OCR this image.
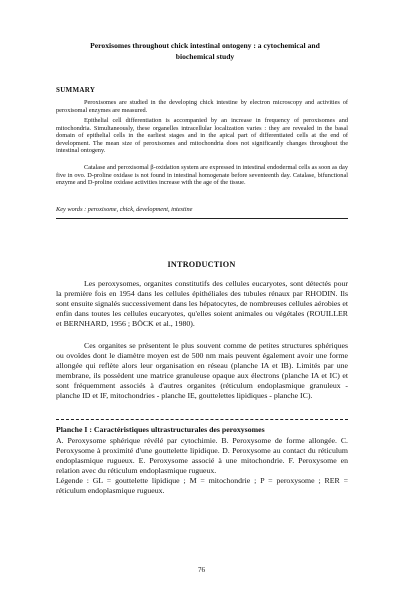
Peroxisomes throughout chick intestinal ontogeny : a cytochemical and
biochemical study
SUMMARY

Peroxisomes are studied in the developing chick intestine by electron microscopy and activities of peroxisomal enzymes are measured.

Epithelial cell differentiation is accompanied by an increase in frequency of peroxisomes and mitochondria. Simultaneously, these organelles intracellular localization varies : they are revealed in the basal domain of epithelial cells in the earliest stages and in the apical part of differentiated cells at the end of development. The mean size of peroxisomes and mitochondria does not significantly changes throughout the intestinal ontogeny.

Catalase and peroxisomal β-oxidation system are expressed in intestinal endodermal cells as soon as day five in ovo. D-proline oxidase is not found in intestinal homogenate before seventeenth day. Catalase, bifunctional enzyme and D-proline oxidase activities increase with the age of the tissue.

Key words : peroxisome, chick, development, intestine
INTRODUCTION

Les peroxysomes, organites constitutifs des cellules eucaryotes, sont détectés pour la première fois en 1954 dans les cellules épithéliales des tubules rénaux par RHODIN. Ils sont ensuite signalés successivement dans les hépatocytes, de nombreuses cellules aérobies et enfin dans toutes les cellules eucaryotes, qu'elles soient animales ou végétales (ROUILLER et BERNHARD, 1956 ; BÖCK et al., 1980).

Ces organites se présentent le plus souvent comme de petites structures sphériques ou ovoïdes dont le diamètre moyen est de 500 nm mais peuvent également avoir une forme allongée qui reflète alors leur organisation en réseau (planche IA et IB). Limités par une membrane, ils possèdent une matrice granuleuse opaque aux électrons (planche IA et IC) et sont fréquemment associés à d'autres organites (réticulum endoplasmique granuleux - planche ID et IF, mitochondries - planche IE, gouttelettes lipidiques - planche IC).

Planche I : Caractéristiques ultrastructurales des peroxysomes

A. Peroxysome sphérique révélé par cytochimie. B. Peroxysome de forme allongée. C. Peroxysome à proximité d'une gouttelette lipidique. D. Peroxysome au contact du réticulum endoplasmique rugueux. E. Peroxysome associé à une mitochondrie. F. Peroxysome en relation avec du réticulum endoplasmique rugueux.

Légende : GL = gouttelette lipidique ; M = mitochondrie ; P = peroxysome ; RER = réticulum endoplasmique rugueux.

76
